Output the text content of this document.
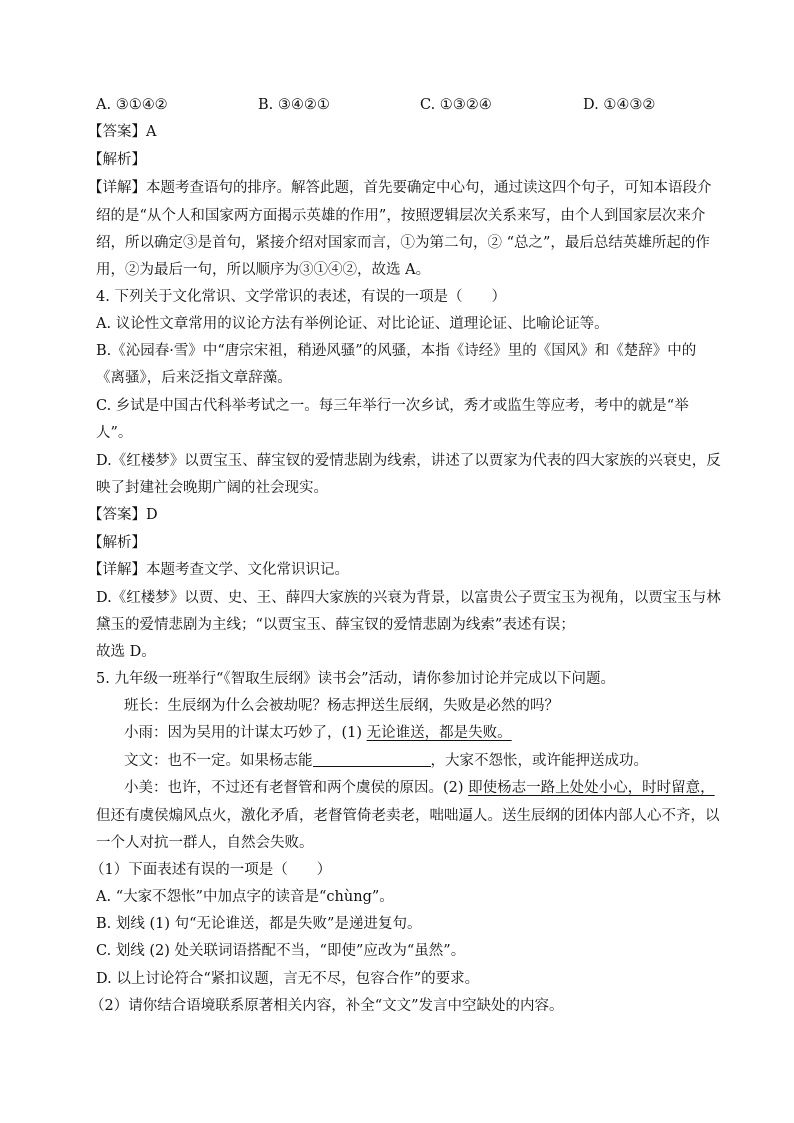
A. ③①④②	B. ③④②①	C. ①③②④	D. ①④③②
【答案】A
【解析】
【详解】本题考查语句的排序。解答此题，首先要确定中心句，通过读这四个句子，可知本语段介
绍的是“从个人和国家两方面揭示英雄的作用”，按照逻辑层次关系来写，由个人到国家层次来介
绍，所以确定③是首句，紧接介绍对国家而言，①为第二句，② “总之”，最后总结英雄所起的作
用，②为最后一句，所以顺序为③①④②，故选 A。
4. 下列关于文化常识、文学常识的表述，有误的一项是（　　）
A. 议论性文章常用的议论方法有举例论证、对比论证、道理论证、比喻论证等。
B.《沁园春·雪》中“唐宗宋祖，稍逊风骚”的风骚，本指《诗经》里的《国风》和《楚辞》中的
《离骚》，后来泛指文章辞藻。
C. 乡试是中国古代科举考试之一。每三年举行一次乡试，秀才或监生等应考，考中的就是“举
人”。
D.《红楼梦》以贾宝玉、薛宝钗的爱情悲剧为线索，讲述了以贾家为代表的四大家族的兴衰史，反
映了封建社会晚期广阔的社会现实。
【答案】D
【解析】
【详解】本题考查文学、文化常识识记。
D.《红楼梦》以贾、史、王、薛四大家族的兴衰为背景，以富贵公子贾宝玉为视角，以贾宝玉与林
黛玉的爱情悲剧为主线；“以贾宝玉、薛宝钗的爱情悲剧为线索”表述有误；
故选 D。
5. 九年级一班举行“《智取生辰纲》读书会”活动，请你参加讨论并完成以下问题。
班长：生辰纲为什么会被劫呢？杨志押送生辰纲，失败是必然的吗？
小雨：因为吴用的计谋太巧妙了，(1) 无论谁送，都是失败。
文文：也不一定。如果杨志能	，大家不怨怅，或许能押送成功。
小美：也许，不过还有老督管和两个虞侯的原因。(2) 即使杨志一路上处处小心，时时留意，
但还有虞侯煽风点火，激化矛盾，老督管倚老卖老，咄咄逼人。送生辰纲的团体内部人心不齐，以
一个人对抗一群人，自然会失败。
（1）下面表述有误的一项是（　　）
A. “大家不怨怅”中加点字的读音是“chùng”。
B. 划线 (1) 句“无论谁送，都是失败”是递进复句。
C. 划线 (2) 处关联词语搭配不当，“即使”应改为“虽然”。
D. 以上讨论符合“紧扣议题，言无不尽，包容合作”的要求。
（2）请你结合语境联系原著相关内容，补全“文文”发言中空缺处的内容。
